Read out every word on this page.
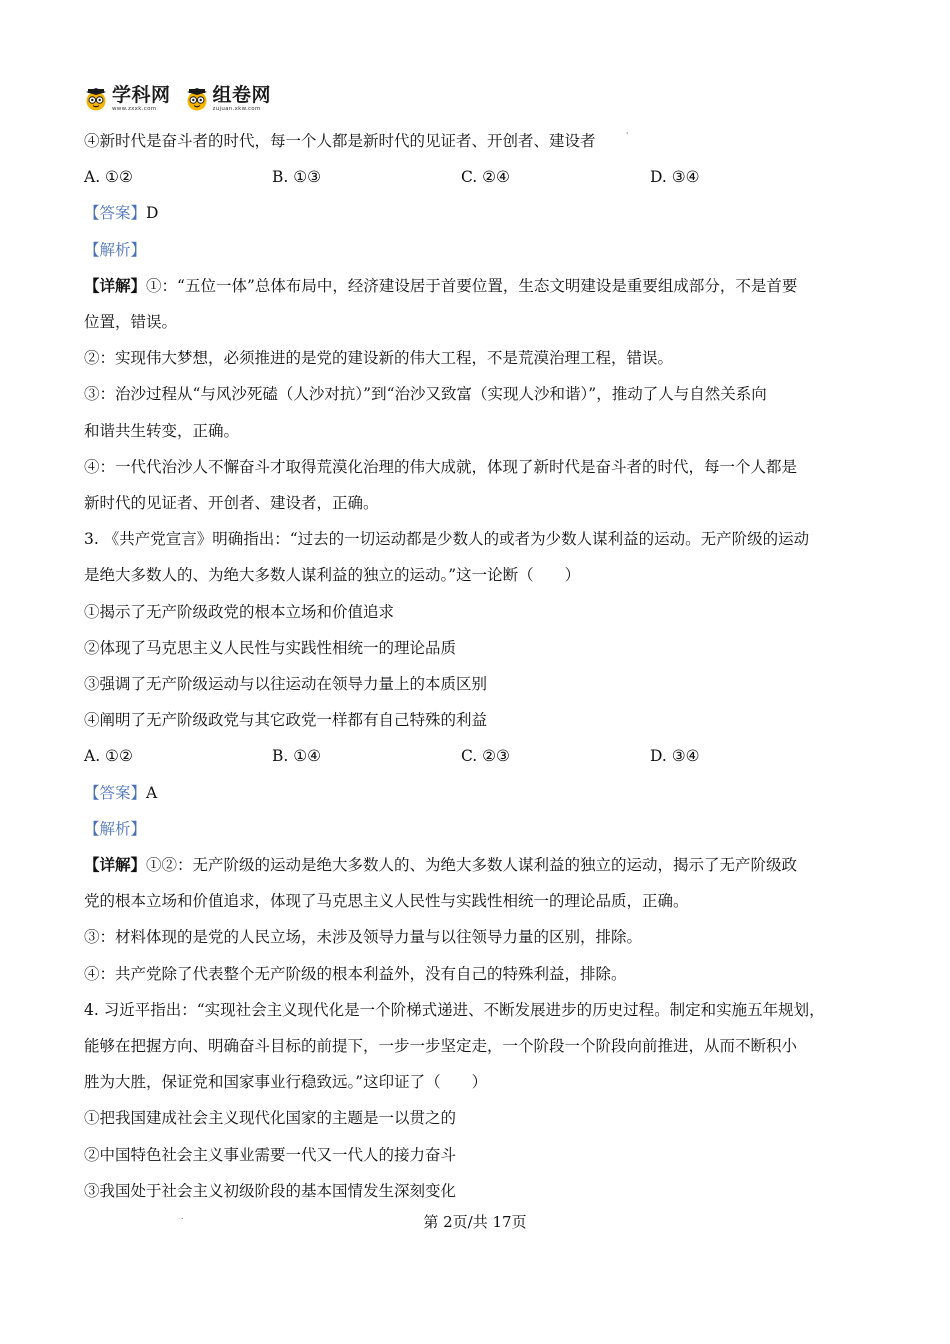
学科网
www.zxxk.com
组卷网
zujuan.xkw.com
'
④新时代是奋斗者的时代，每一个人都是新时代的见证者、开创者、建设者
A. ①②	B. ①③	C. ②④	D. ③④
【答案】D
【解析】
【详解】①：“五位一体”总体布局中，经济建设居于首要位置，生态文明建设是重要组成部分，不是首要
位置，错误。
②：实现伟大梦想，必须推进的是党的建设新的伟大工程，不是荒漠治理工程，错误。
③：治沙过程从“与风沙死磕（人沙对抗）”到“治沙又致富（实现人沙和谐）”，推动了人与自然关系向
和谐共生转变，正确。
④：一代代治沙人不懈奋斗才取得荒漠化治理的伟大成就，体现了新时代是奋斗者的时代，每一个人都是
新时代的见证者、开创者、建设者，正确。
3. 《共产党宣言》明确指出：“过去的一切运动都是少数人的或者为少数人谋利益的运动。无产阶级的运动
是绝大多数人的、为绝大多数人谋利益的独立的运动。”这一论断（　　）
①揭示了无产阶级政党的根本立场和价值追求
②体现了马克思主义人民性与实践性相统一的理论品质
③强调了无产阶级运动与以往运动在领导力量上的本质区别
④阐明了无产阶级政党与其它政党一样都有自己特殊的利益
A. ①②	B. ①④	C. ②③	D. ③④
【答案】A
【解析】
【详解】①②：无产阶级的运动是绝大多数人的、为绝大多数人谋利益的独立的运动，揭示了无产阶级政
党的根本立场和价值追求，体现了马克思主义人民性与实践性相统一的理论品质，正确。
③：材料体现的是党的人民立场，未涉及领导力量与以往领导力量的区别，排除。
④：共产党除了代表整个无产阶级的根本利益外，没有自己的特殊利益，排除。
4. 习近平指出：“实现社会主义现代化是一个阶梯式递进、不断发展进步的历史过程。制定和实施五年规划，
能够在把握方向、明确奋斗目标的前提下，一步一步坚定走，一个阶段一个阶段向前推进，从而不断积小
胜为大胜，保证党和国家事业行稳致远。”这印证了（　　）
①把我国建成社会主义现代化国家的主题是一以贯之的
②中国特色社会主义事业需要一代又一代人的接力奋斗
③我国处于社会主义初级阶段的基本国情发生深刻变化
.	第 2页/共 17页
